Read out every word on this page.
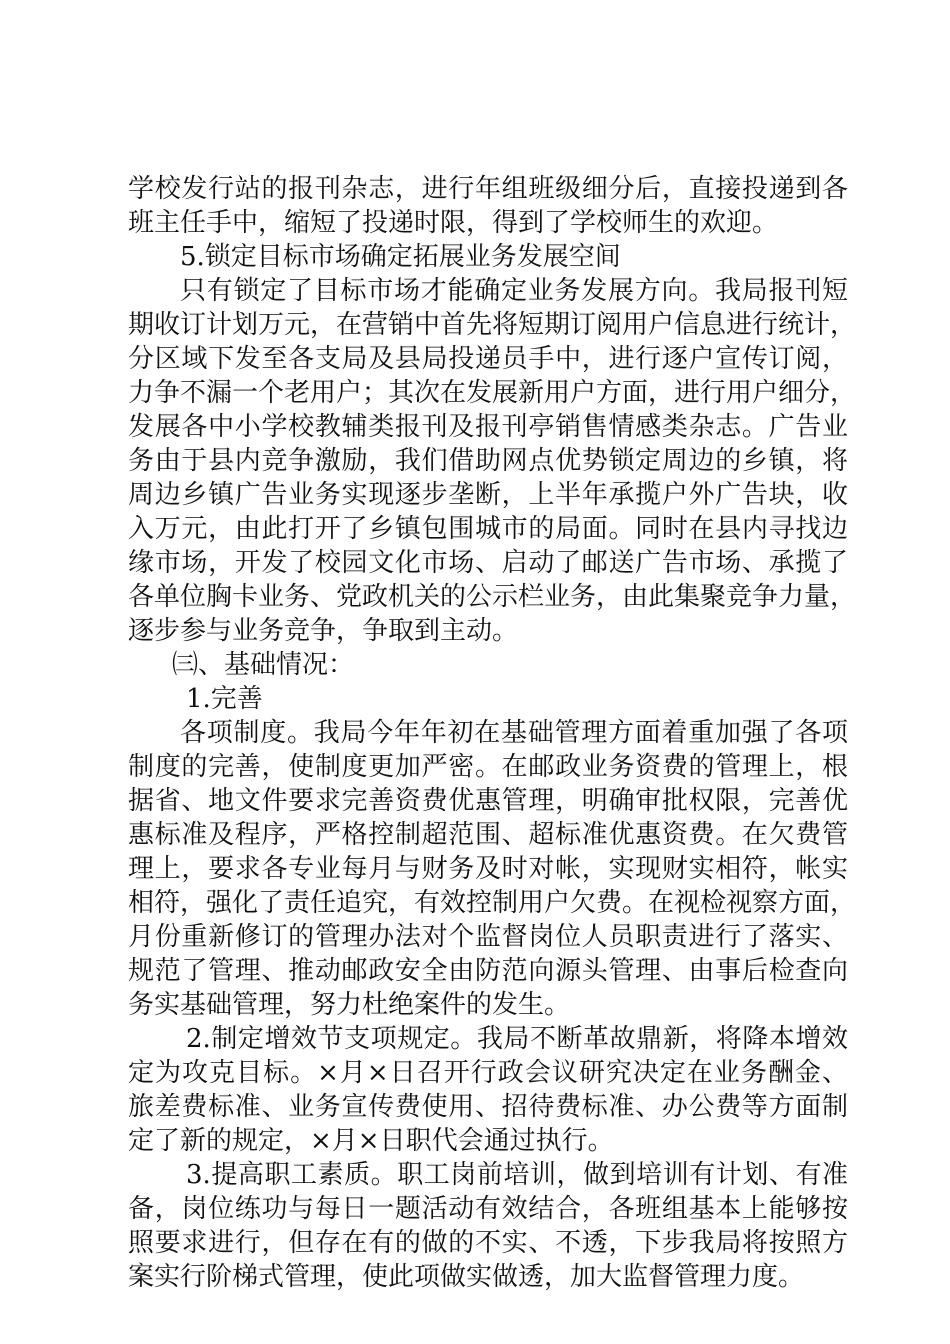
学校发行站的报刊杂志，进行年组班级细分后，直接投递到各
班主任手中，缩短了投递时限，得到了学校师生的欢迎。
5.锁定目标市场确定拓展业务发展空间
只有锁定了目标市场才能确定业务发展方向。我局报刊短
期收订计划万元，在营销中首先将短期订阅用户信息进行统计，
分区域下发至各支局及县局投递员手中，进行逐户宣传订阅，
力争不漏一个老用户；其次在发展新用户方面，进行用户细分，
发展各中小学校教辅类报刊及报刊亭销售情感类杂志。广告业
务由于县内竞争激励，我们借助网点优势锁定周边的乡镇，将
周边乡镇广告业务实现逐步垄断，上半年承揽户外广告块，收
入万元，由此打开了乡镇包围城市的局面。同时在县内寻找边
缘市场，开发了校园文化市场、启动了邮送广告市场、承揽了
各单位胸卡业务、党政机关的公示栏业务，由此集聚竞争力量，
逐步参与业务竞争，争取到主动。
㈢、基础情况：
1.完善
各项制度。我局今年年初在基础管理方面着重加强了各项
制度的完善，使制度更加严密。在邮政业务资费的管理上，根
据省、地文件要求完善资费优惠管理，明确审批权限，完善优
惠标准及程序，严格控制超范围、超标准优惠资费。在欠费管
理上，要求各专业每月与财务及时对帐，实现财实相符，帐实
相符，强化了责任追究，有效控制用户欠费。在视检视察方面，
月份重新修订的管理办法对个监督岗位人员职责进行了落实、
规范了管理、推动邮政安全由防范向源头管理、由事后检查向
务实基础管理，努力杜绝案件的发生。
2.制定增效节支项规定。我局不断革故鼎新，将降本增效
定为攻克目标。×月×日召开行政会议研究决定在业务酬金、
旅差费标准、业务宣传费使用、招待费标准、办公费等方面制
定了新的规定，×月×日职代会通过执行。
3.提高职工素质。职工岗前培训，做到培训有计划、有准
备，岗位练功与每日一题活动有效结合，各班组基本上能够按
照要求进行，但存在有的做的不实、不透，下步我局将按照方
案实行阶梯式管理，使此项做实做透，加大监督管理力度。
